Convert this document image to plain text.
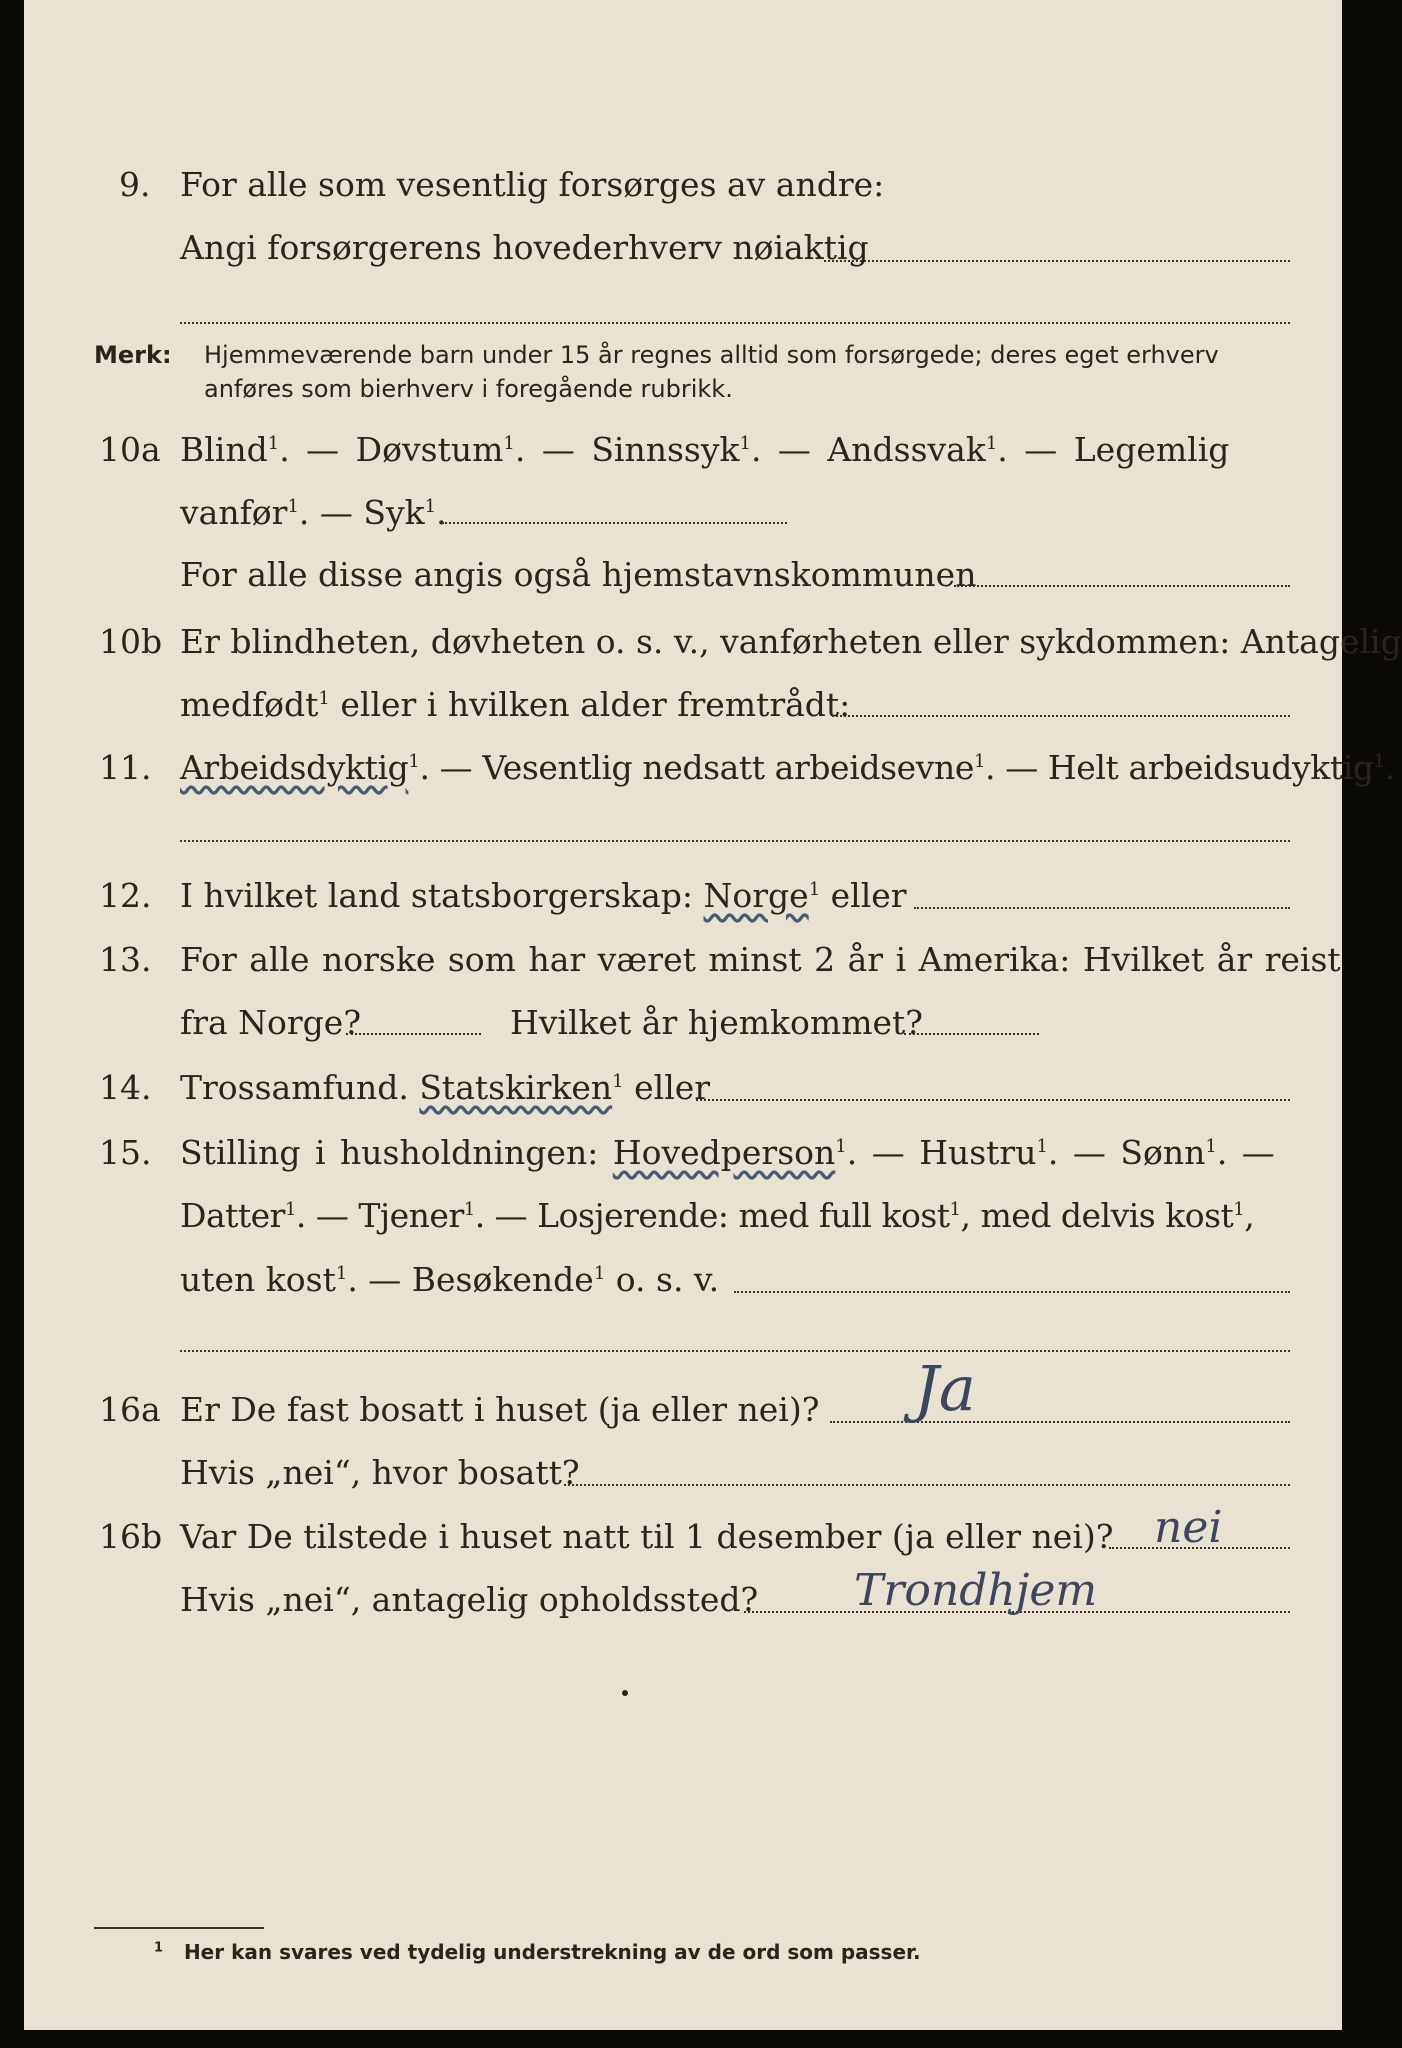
9. For alle som vesentlig forsørges av andre:
Angi forsørgerens hovederhverv nøiaktig
Merk: Hjemmeværende barn under 15 år regnes alltid som forsørgede; deres eget erhverv
anføres som bierhverv i foregående rubrikk.
10a Blind$^1$. — Døvstum$^1$. — Sinnssyk$^1$. — Andssvak$^1$. — Legemlig
vanfør$^1$. — Syk$^1$.
For alle disse angis også hjemstavnskommunen
10b Er blindheten, døvheten o. s. v., vanførheten eller sykdommen: Antagelig
medfødt$^1$ eller i hvilken alder fremtrådt:
11. Arbeidsdyktig$^1$. — Vesentlig nedsatt arbeidsevne$^1$. — Helt arbeidsudyktig$^1$.
12. I hvilket land statsborgerskap: Norge$^1$ eller
13. For alle norske som har været minst 2 år i Amerika: Hvilket år reist
fra Norge?	Hvilket år hjemkommet?
14. Trossamfund. Statskirken$^1$ eller
15. Stilling i husholdningen: Hovedperson$^1$. — Hustru$^1$. — Sønn$^1$. —
Datter$^1$. — Tjener$^1$. — Losjerende: med full kost$^1$, med delvis kost$^1$,
uten kost$^1$. — Besøkende$^1$ o. s. v.
16a Er De fast bosatt i huset (ja eller nei)? Ja
Hvis „nei“, hvor bosatt?
16b Var De tilstede i huset natt til 1 desember (ja eller nei)? nei
Hvis „nei“, antagelig opholdssted? Trondhjem
$^1$ Her kan svares ved tydelig understrekning av de ord som passer.
